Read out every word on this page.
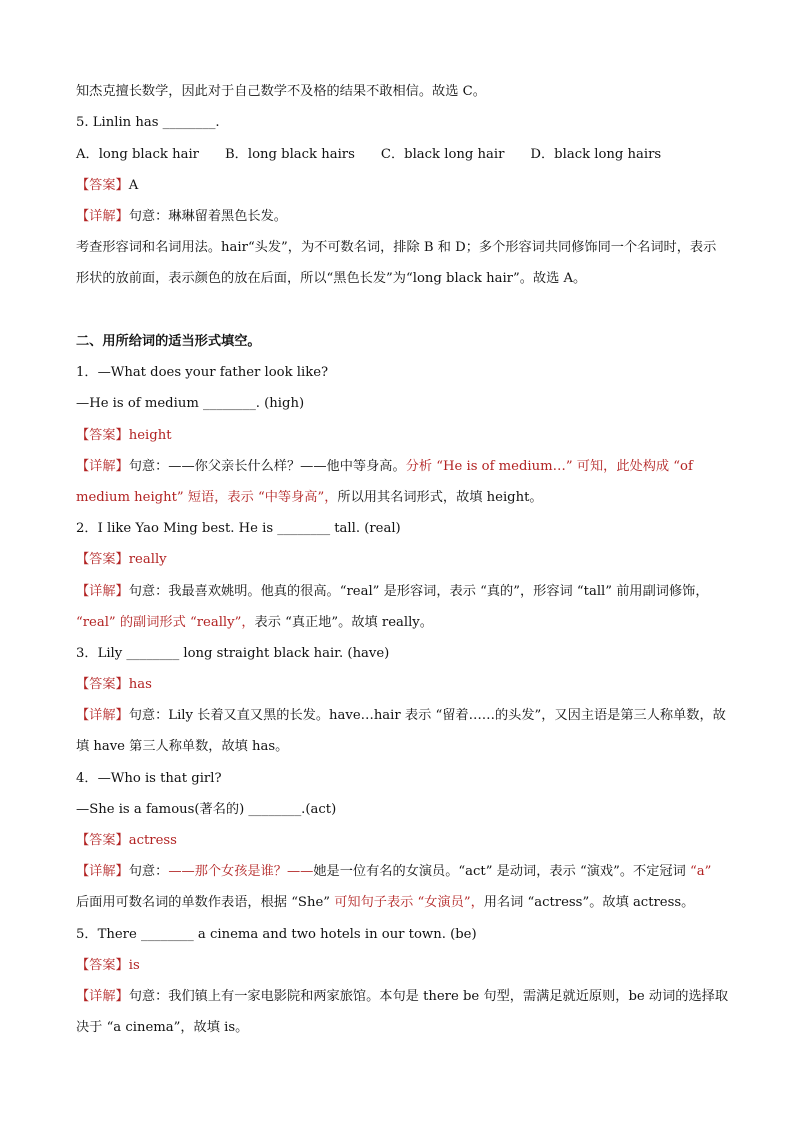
知杰克擅长数学，因此对于自己数学不及格的结果不敢相信。故选 C。
5. Linlin has ________.
A．long black hair B．long black hairs C．black long hair D．black long hairs
【答案】A
【详解】句意：琳琳留着黑色长发。
考查形容词和名词用法。hair“头发”，为不可数名词，排除 B 和 D；多个形容词共同修饰同一个名词时，表示
形状的放前面，表示颜色的放在后面，所以“黑色长发”为“long black hair”。故选 A。
二、用所给词的适当形式填空。
1．—What does your father look like?
—He is of medium ________. (high)
【答案】height
【详解】句意：——你父亲长什么样？——他中等身高。分析 “He is of medium…” 可知，此处构成 “of
medium height” 短语，表示 “中等身高”，所以用其名词形式，故填 height。
2．I like Yao Ming best. He is ________ tall. (real)
【答案】really
【详解】句意：我最喜欢姚明。他真的很高。“real” 是形容词，表示 “真的”，形容词 “tall” 前用副词修饰，
“real” 的副词形式 “really”，表示 “真正地”。故填 really。
3．Lily ________ long straight black hair. (have)
【答案】has
【详解】句意：Lily 长着又直又黑的长发。have…hair 表示 “留着……的头发”，又因主语是第三人称单数，故
填 have 第三人称单数，故填 has。
4．—Who is that girl?
—She is a famous(著名的) ________.(act)
【答案】actress
【详解】句意：——那个女孩是谁？——她是一位有名的女演员。“act” 是动词，表示 “演戏”。不定冠词 “a”
后面用可数名词的单数作表语，根据 “She” 可知句子表示 “女演员”，用名词 “actress”。故填 actress。
5．There ________ a cinema and two hotels in our town. (be)
【答案】is
【详解】句意：我们镇上有一家电影院和两家旅馆。本句是 there be 句型，需满足就近原则，be 动词的选择取
决于 “a cinema”，故填 is。
